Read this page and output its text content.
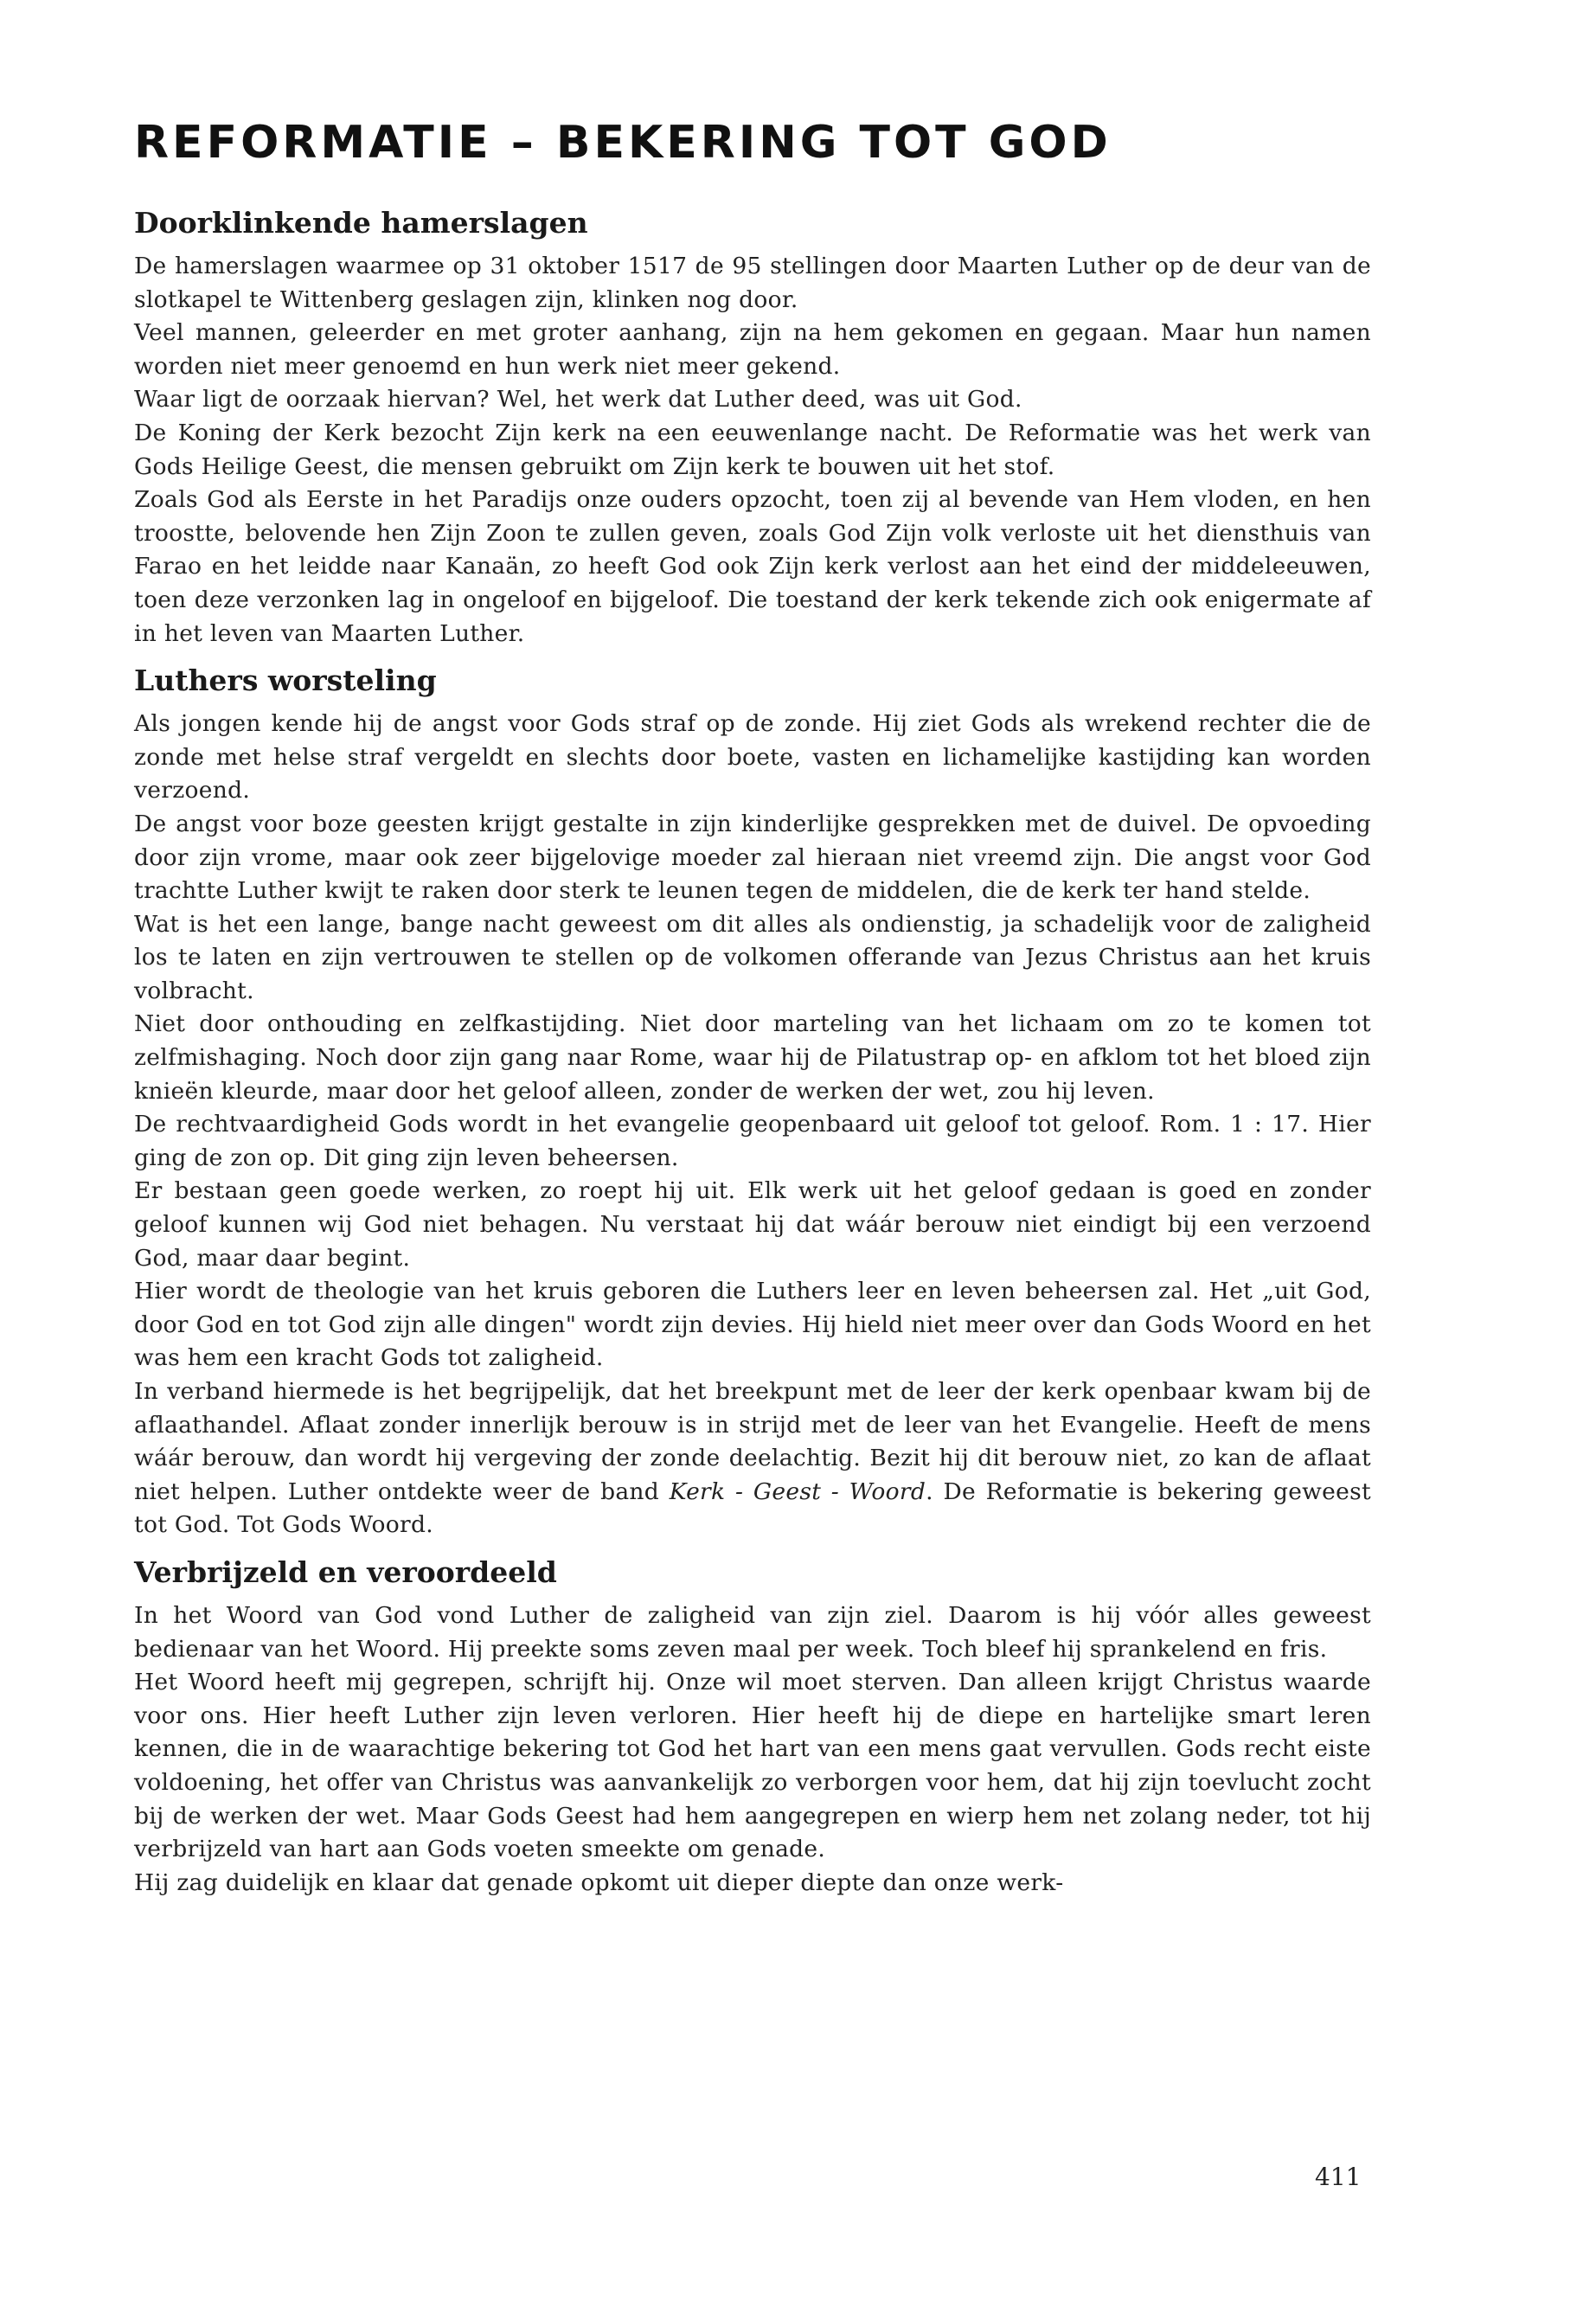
REFORMATIE – BEKERING TOT GOD
Doorklinkende hamerslagen

De hamerslagen waarmee op 31 oktober 1517 de 95 stellingen door Maarten Luther op de deur van de slotkapel te Wittenberg geslagen zijn, klinken nog door.

Veel mannen, geleerder en met groter aanhang, zijn na hem gekomen en gegaan. Maar hun namen worden niet meer genoemd en hun werk niet meer gekend.

Waar ligt de oorzaak hiervan? Wel, het werk dat Luther deed, was uit God.

De Koning der Kerk bezocht Zijn kerk na een eeuwenlange nacht. De Reformatie was het werk van Gods Heilige Geest, die mensen gebruikt om Zijn kerk te bouwen uit het stof.

Zoals God als Eerste in het Paradijs onze ouders opzocht, toen zij al bevende van Hem vloden, en hen troostte, belovende hen Zijn Zoon te zullen geven, zoals God Zijn volk verloste uit het diensthuis van Farao en het leidde naar Kanaän, zo heeft God ook Zijn kerk verlost aan het eind der middeleeuwen, toen deze verzonken lag in ongeloof en bijgeloof. Die toestand der kerk tekende zich ook enigermate af in het leven van Maarten Luther.

Luthers worsteling

Als jongen kende hij de angst voor Gods straf op de zonde. Hij ziet Gods als wrekend rechter die de zonde met helse straf vergeldt en slechts door boete, vasten en lichamelijke kastijding kan worden verzoend.

De angst voor boze geesten krijgt gestalte in zijn kinderlijke gesprekken met de duivel. De opvoeding door zijn vrome, maar ook zeer bijgelovige moeder zal hieraan niet vreemd zijn. Die angst voor God trachtte Luther kwijt te raken door sterk te leunen tegen de middelen, die de kerk ter hand stelde.

Wat is het een lange, bange nacht geweest om dit alles als ondienstig, ja schadelijk voor de zaligheid los te laten en zijn vertrouwen te stellen op de volkomen offerande van Jezus Christus aan het kruis volbracht.

Niet door onthouding en zelfkastijding. Niet door marteling van het lichaam om zo te komen tot zelfmishaging. Noch door zijn gang naar Rome, waar hij de Pilatustrap op- en afklom tot het bloed zijn knieën kleurde, maar door het geloof alleen, zonder de werken der wet, zou hij leven.

De rechtvaardigheid Gods wordt in het evangelie geopenbaard uit geloof tot geloof. Rom. 1 : 17. Hier ging de zon op. Dit ging zijn leven beheersen.

Er bestaan geen goede werken, zo roept hij uit. Elk werk uit het geloof gedaan is goed en zonder geloof kunnen wij God niet behagen. Nu verstaat hij dat wáár berouw niet eindigt bij een verzoend God, maar daar begint.

Hier wordt de theologie van het kruis geboren die Luthers leer en leven beheersen zal. Het „uit God, door God en tot God zijn alle dingen" wordt zijn devies. Hij hield niet meer over dan Gods Woord en het was hem een kracht Gods tot zaligheid.

In verband hiermede is het begrijpelijk, dat het breekpunt met de leer der kerk openbaar kwam bij de aflaathandel. Aflaat zonder innerlijk berouw is in strijd met de leer van het Evangelie. Heeft de mens wáár berouw, dan wordt hij vergeving der zonde deelachtig. Bezit hij dit berouw niet, zo kan de aflaat niet helpen. Luther ontdekte weer de band Kerk - Geest - Woord. De Reformatie is bekering geweest tot God. Tot Gods Woord.

Verbrijzeld en veroordeeld

In het Woord van God vond Luther de zaligheid van zijn ziel. Daarom is hij vóór alles geweest bedienaar van het Woord. Hij preekte soms zeven maal per week. Toch bleef hij sprankelend en fris.

Het Woord heeft mij gegrepen, schrijft hij. Onze wil moet sterven. Dan alleen krijgt Christus waarde voor ons. Hier heeft Luther zijn leven verloren. Hier heeft hij de diepe en hartelijke smart leren kennen, die in de waarachtige bekering tot God het hart van een mens gaat vervullen. Gods recht eiste voldoening, het offer van Christus was aanvankelijk zo verborgen voor hem, dat hij zijn toevlucht zocht bij de werken der wet. Maar Gods Geest had hem aangegrepen en wierp hem net zolang neder, tot hij verbrijzeld van hart aan Gods voeten smeekte om genade.

Hij zag duidelijk en klaar dat genade opkomt uit dieper diepte dan onze werk-

411
